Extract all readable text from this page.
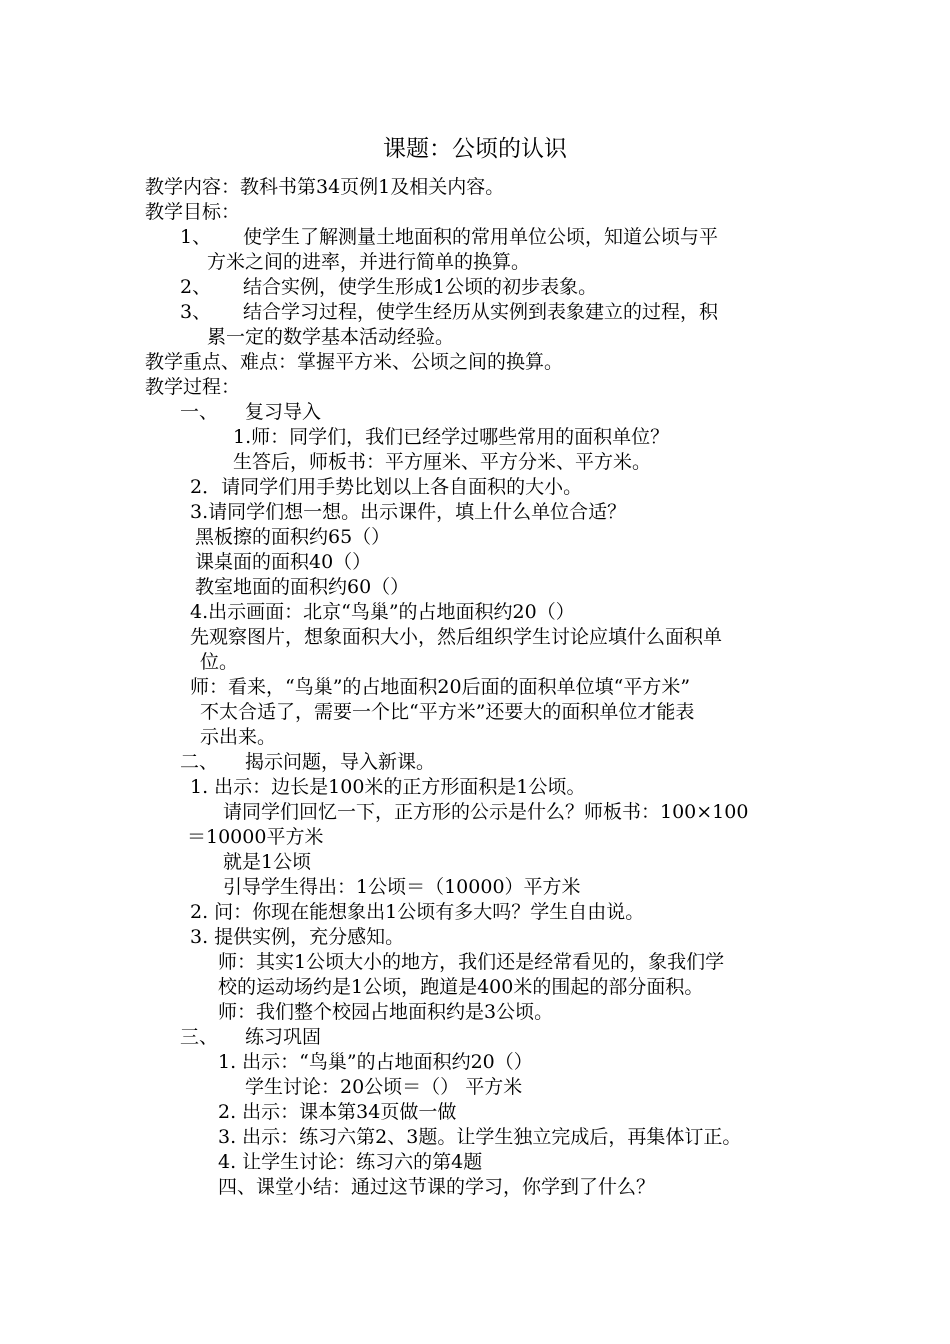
课题：公顷的认识
教学内容：教科书第34页例1及相关内容。
教学目标：
1、 使学生了解测量土地面积的常用单位公顷，知道公顷与平
方米之间的进率，并进行简单的换算。
2、 结合实例，使学生形成1公顷的初步表象。
3、 结合学习过程，使学生经历从实例到表象建立的过程，积
累一定的数学基本活动经验。
教学重点、难点：掌握平方米、公顷之间的换算。
教学过程：
一、 复习导入
1.师：同学们，我们已经学过哪些常用的面积单位？
生答后，师板书：平方厘米、平方分米、平方米。
2．请同学们用手势比划以上各自面积的大小。
3.请同学们想一想。出示课件，填上什么单位合适？
黑板擦的面积约65（）
课桌面的面积40（）
教室地面的面积约60（）
4.出示画面：北京“鸟巢”的占地面积约20（）
先观察图片，想象面积大小，然后组织学生讨论应填什么面积单
位。
师：看来，“鸟巢”的占地面积20后面的面积单位填“平方米”
不太合适了，需要一个比“平方米”还要大的面积单位才能表
示出来。
二、 揭示问题，导入新课。
1. 出示：边长是100米的正方形面积是1公顷。
请同学们回忆一下，正方形的公示是什么？师板书：100×100
＝10000平方米
就是1公顷
引导学生得出：1公顷＝（10000）平方米
2. 问：你现在能想象出1公顷有多大吗？学生自由说。
3. 提供实例，充分感知。
师：其实1公顷大小的地方，我们还是经常看见的，象我们学
校的运动场约是1公顷，跑道是400米的围起的部分面积。
师：我们整个校园占地面积约是3公顷。
三、 练习巩固
1. 出示：“鸟巢”的占地面积约20（）
学生讨论：20公顷＝（） 平方米
2. 出示：课本第34页做一做
3. 出示：练习六第2、3题。让学生独立完成后，再集体订正。
4. 让学生讨论：练习六的第4题
四、课堂小结：通过这节课的学习，你学到了什么？
